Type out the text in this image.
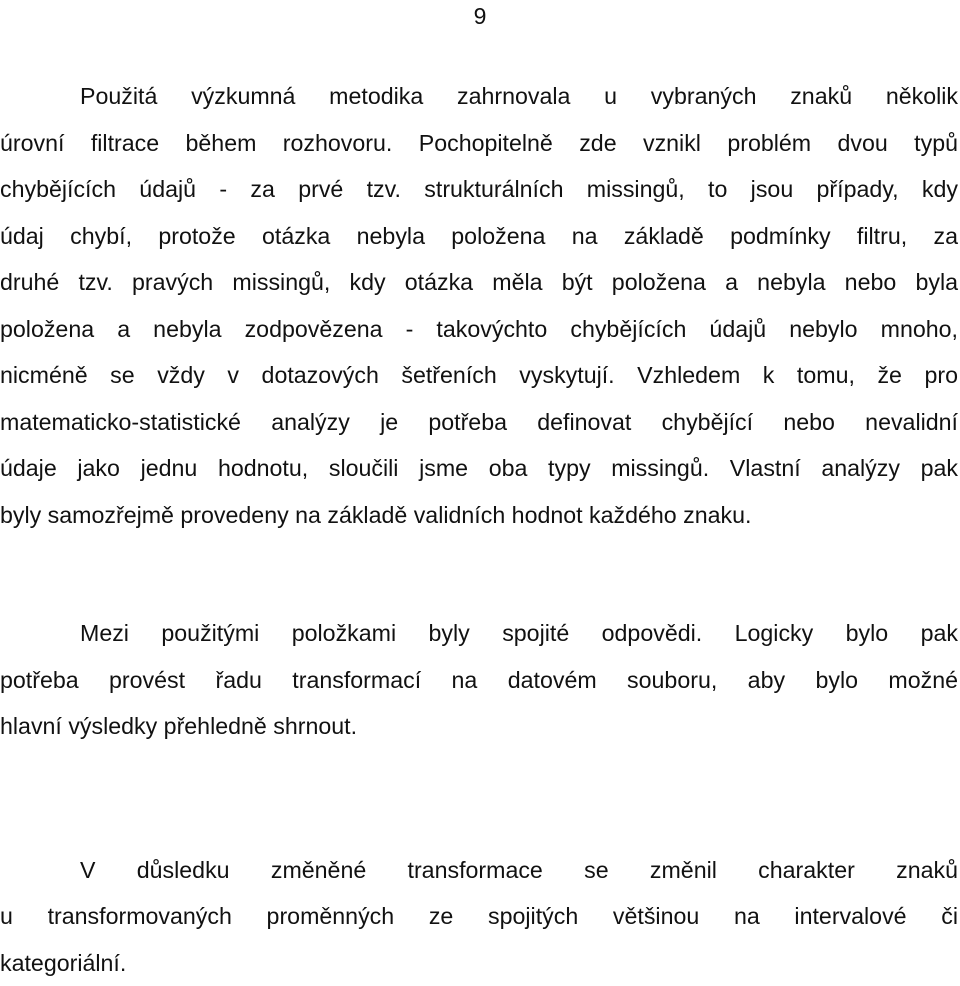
9
Použitá výzkumná metodika zahrnovala u vybraných znaků několik
úrovní filtrace během rozhovoru. Pochopitelně zde vznikl problém dvou typů
chybějících údajů - za prvé tzv. strukturálních missingů, to jsou případy, kdy
údaj chybí, protože otázka nebyla položena na základě podmínky filtru, za
druhé tzv. pravých missingů, kdy otázka měla být položena a nebyla nebo byla
položena a nebyla zodpovězena - takovýchto chybějících údajů nebylo mnoho,
nicméně se vždy v dotazových šetřeních vyskytují. Vzhledem k tomu, že pro
matematicko-statistické analýzy je potřeba definovat chybějící nebo nevalidní
údaje jako jednu hodnotu, sloučili jsme oba typy missingů. Vlastní analýzy pak
byly samozřejmě provedeny na základě validních hodnot každého znaku.
Mezi použitými položkami byly spojité odpovědi. Logicky bylo pak
potřeba provést řadu transformací na datovém souboru, aby bylo možné
hlavní výsledky přehledně shrnout.
V důsledku změněné transformace se změnil charakter znaků
u transformovaných proměnných ze spojitých většinou na intervalové či
kategoriální.
